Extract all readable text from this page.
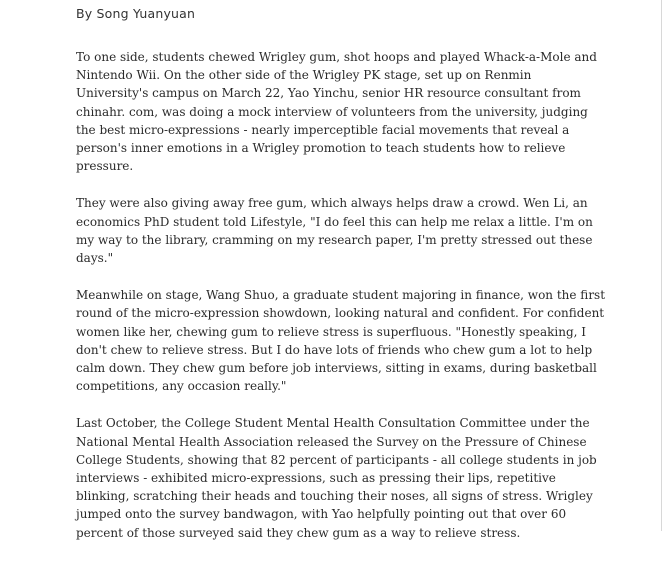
By Song Yuanyuan

To one side, students chewed Wrigley gum, shot hoops and played Whack-a-Mole and Nintendo Wii. On the other side of the Wrigley PK stage, set up on Renmin University's campus on March 22, Yao Yinchu, senior HR resource consultant from chinahr. com, was doing a mock interview of volunteers from the university, judging the best micro-expressions - nearly imperceptible facial movements that reveal a person's inner emotions in a Wrigley promotion to teach students how to relieve pressure.

They were also giving away free gum, which always helps draw a crowd. Wen Li, an economics PhD student told Lifestyle, "I do feel this can help me relax a little. I'm on my way to the library, cramming on my research paper, I'm pretty stressed out these days."

Meanwhile on stage, Wang Shuo, a graduate student majoring in finance, won the first round of the micro-expression showdown, looking natural and confident. For confident women like her, chewing gum to relieve stress is superfluous. "Honestly speaking, I don't chew to relieve stress. But I do have lots of friends who chew gum a lot to help calm down. They chew gum before job interviews, sitting in exams, during basketball competitions, any occasion really."

Last October, the College Student Mental Health Consultation Committee under the National Mental Health Association released the Survey on the Pressure of Chinese College Students, showing that 82 percent of participants - all college students in job interviews - exhibited micro-expressions, such as pressing their lips, repetitive blinking, scratching their heads and touching their noses, all signs of stress. Wrigley jumped onto the survey bandwagon, with Yao helpfully pointing out that over 60 percent of those surveyed said they chew gum as a way to relieve stress.
